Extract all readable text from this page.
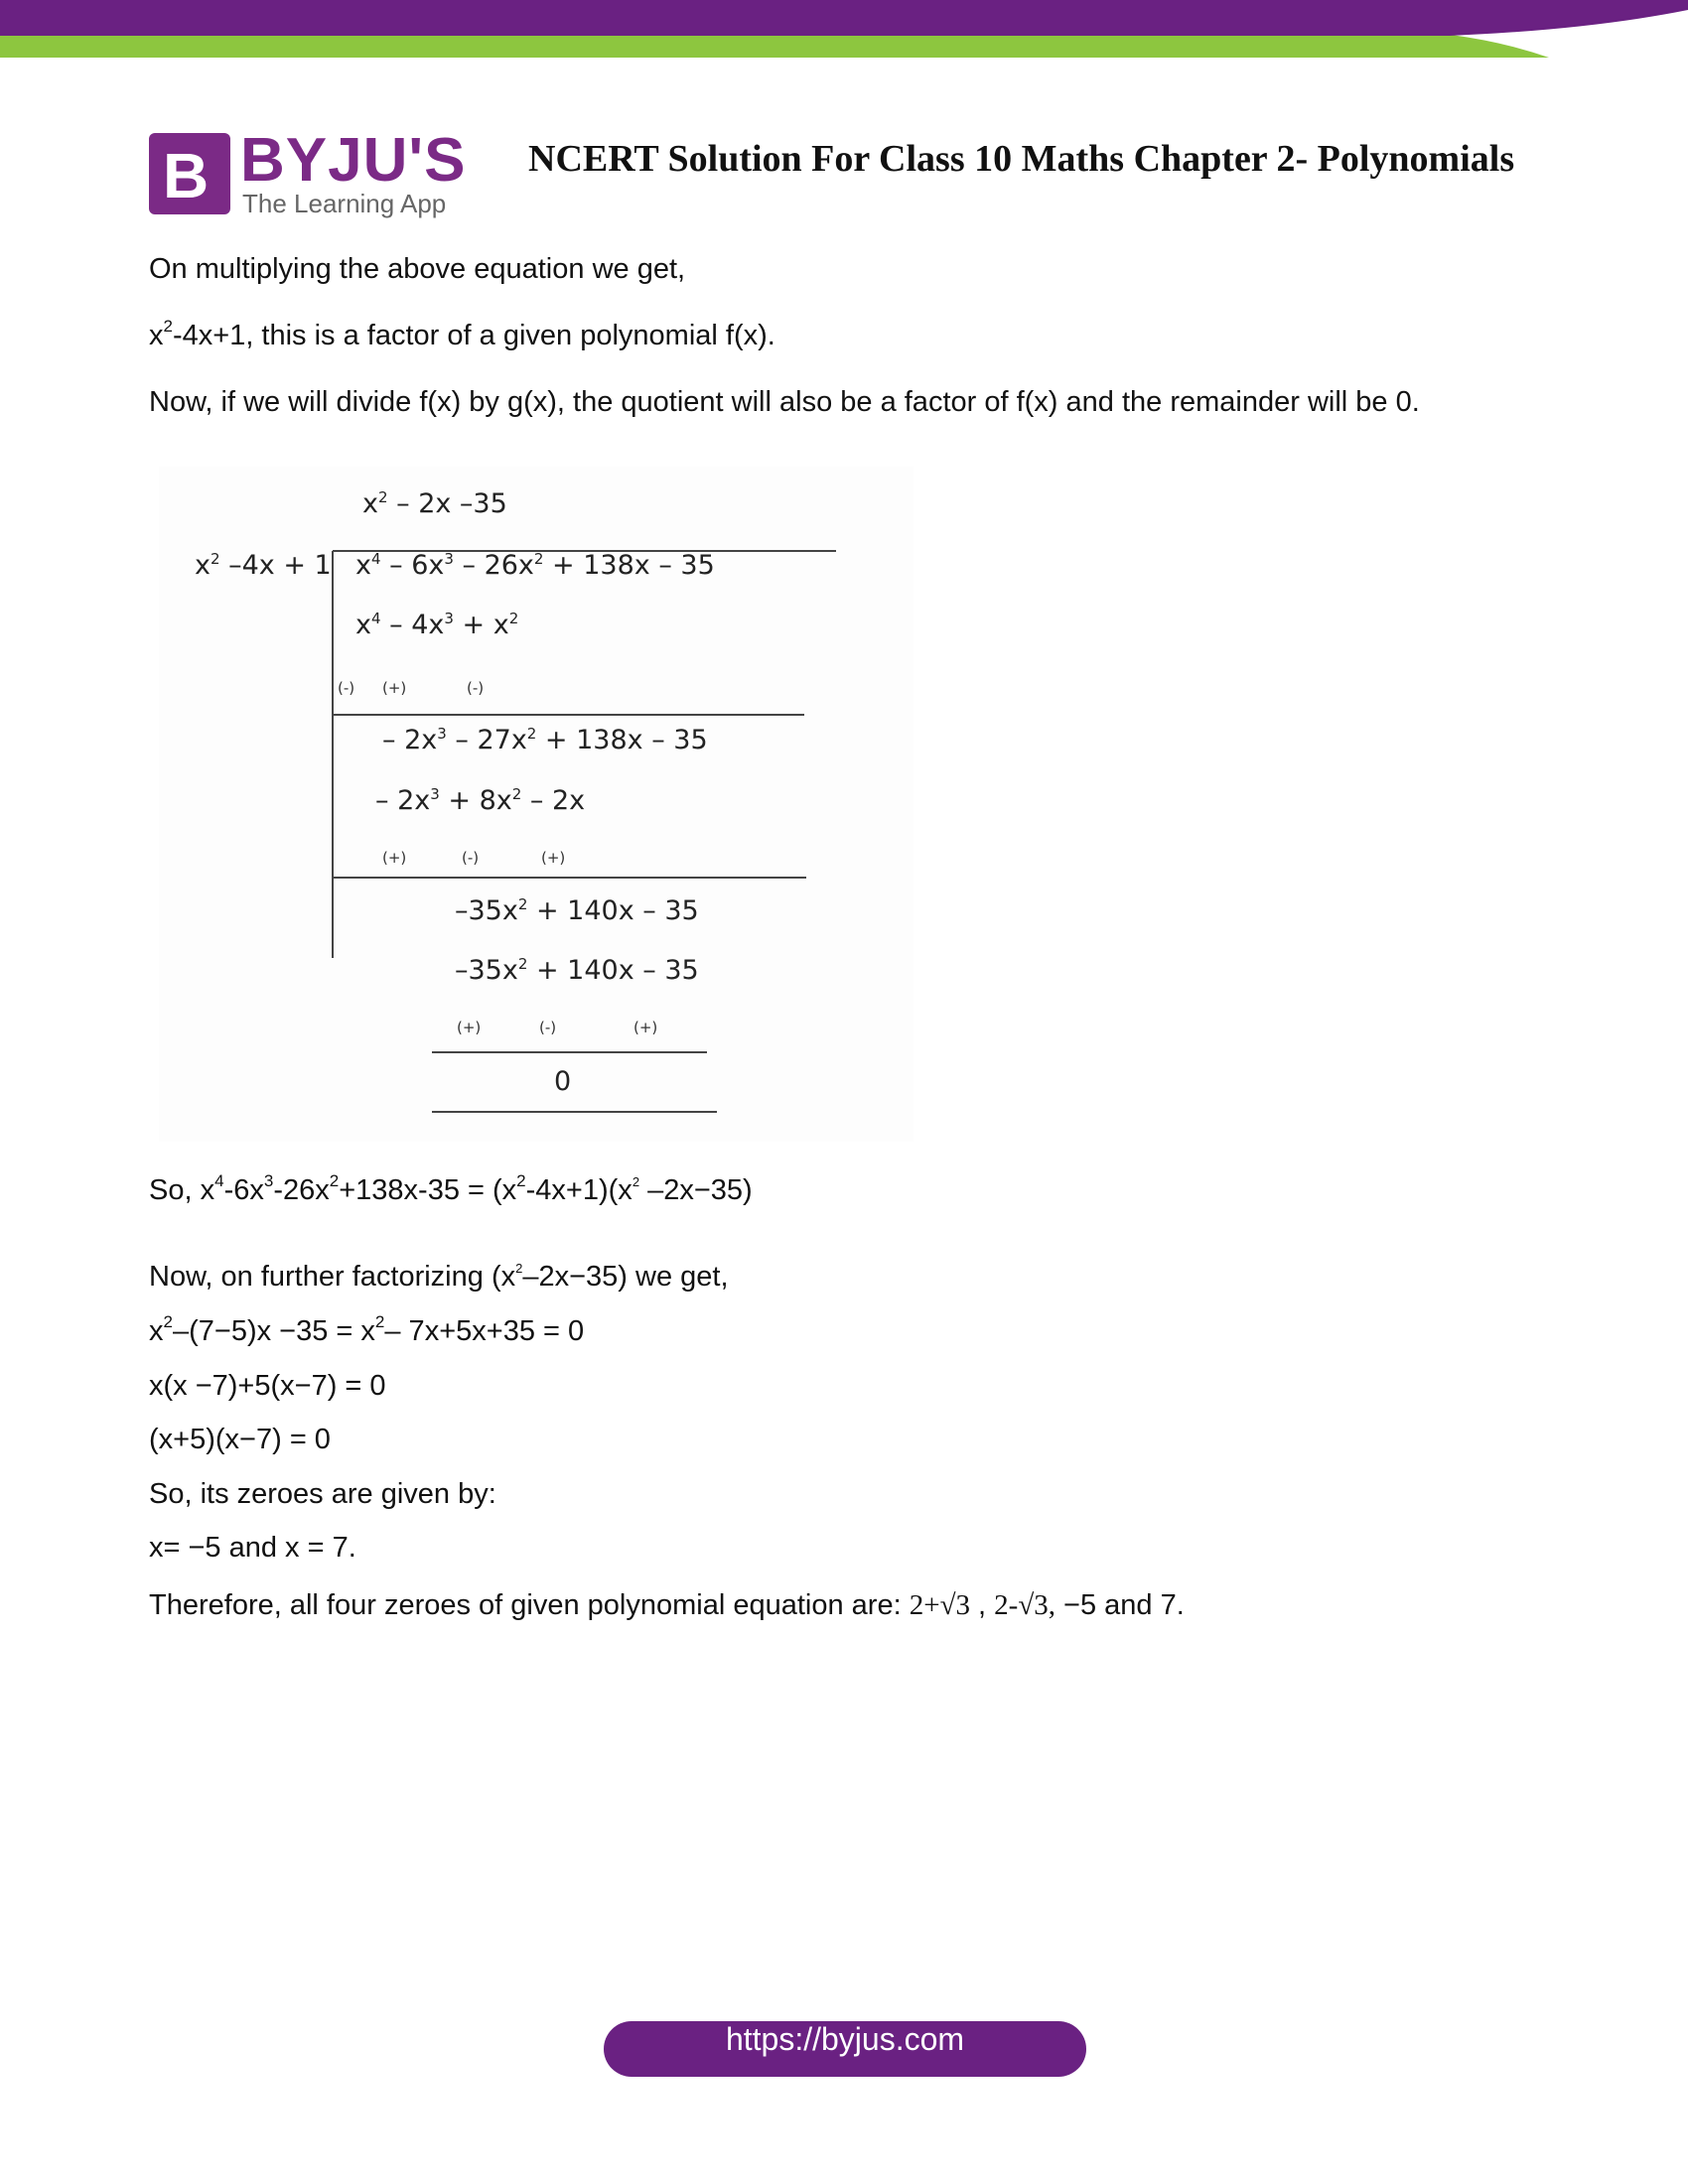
B BYJU'S
The Learning App
NCERT Solution For Class 10 Maths Chapter 2- Polynomials
On multiplying the above equation we get,
$x^2-4x+1$, this is a factor of a given polynomial f(x).
Now, if we will divide f(x) by g(x), the quotient will also be a factor of f(x) and the remainder will be 0.
$x^2 - 2x$ –35
$x^2$ –4x + 1 $x^4 - 6x^3 - 26x^2 + 138x - 35$
$x^4 - 4x^3 + x^2$
(-) (+)	(-)
– $2x^3 - 27x^2 + 138x - 35$
– $2x^3 + 8x^2 - 2x$
(+)	(-)	(+)
$-35x^2 + 140x - 35$
$-35x^2 + 140x - 35$
(+)	(-)	(+)
0
So, $x^4-6x^3-26x^2+138x-35 = (x^2-4x+1)(x^2$ –2x−35)
Now, on further factorizing $(x^2-2x-35)$ we get,
$x^2-(7-5)x -35 = x^2-$ 7x+5x+35 = 0
x(x −7)+5(x−7) = 0
(x+5)(x−7) = 0
So, its zeroes are given by:
x= −5 and x = 7.
Therefore, all four zeroes of given polynomial equation are: 2+√3 , 2-√3, −5 and 7.
https://byjus.com
